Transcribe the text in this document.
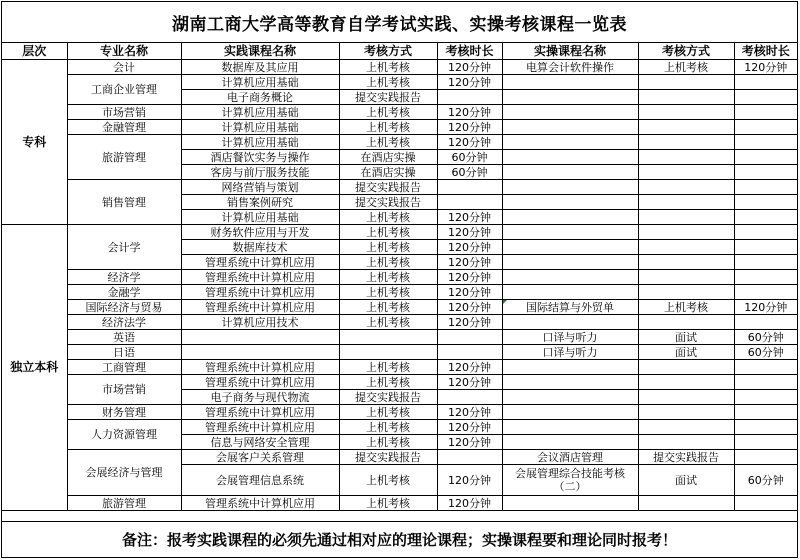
湖南工商大学高等教育自学考试实践、实操考核课程一览表
层次	专业名称	实践课程名称	考核方式	考核时长	实操课程名称	考核方式	考核时长
专科	会计	数据库及其应用	上机考核	120分钟	电算会计软件操作	上机考核	120分钟
	工商企业管理	计算机应用基础	上机考核	120分钟			
		电子商务概论	提交实践报告				
	市场营销	计算机应用基础	上机考核	120分钟			
	金融管理	计算机应用基础	上机考核	120分钟			
	旅游管理	计算机应用基础	上机考核	120分钟			
		酒店餐饮实务与操作	在酒店实操	60分钟			
		客房与前厅服务技能	在酒店实操	60分钟			
	销售管理	网络营销与策划	提交实践报告				
		销售案例研究	提交实践报告				
		计算机应用基础	上机考核	120分钟			
独立本科	会计学	财务软件应用与开发	上机考核	120分钟			
		数据库技术	上机考核	120分钟			
		管理系统中计算机应用	上机考核	120分钟			
	经济学	管理系统中计算机应用	上机考核	120分钟			
	金融学	管理系统中计算机应用	上机考核	120分钟			
	国际经济与贸易	管理系统中计算机应用	上机考核	120分钟	国际结算与外贸单	上机考核	120分钟
	经济法学	计算机应用技术	上机考核	120分钟			
	英语				口译与听力	面试	60分钟
	日语				口译与听力	面试	60分钟
	工商管理	管理系统中计算机应用	上机考核	120分钟			
	市场营销	管理系统中计算机应用	上机考核	120分钟			
		电子商务与现代物流	提交实践报告				
	财务管理	管理系统中计算机应用	上机考核	120分钟			
	人力资源管理	管理系统中计算机应用	上机考核	120分钟			
		信息与网络安全管理	上机考核	120分钟			
	会展经济与管理	会展客户关系管理	提交实践报告		会议酒店管理	提交实践报告	
		会展管理信息系统	上机考核	120分钟	会展管理综合技能考核（二）	面试	60分钟
	旅游管理	管理系统中计算机应用	上机考核	120分钟			
备注：报考实践课程的必须先通过相对应的理论课程；实操课程要和理论同时报考！
